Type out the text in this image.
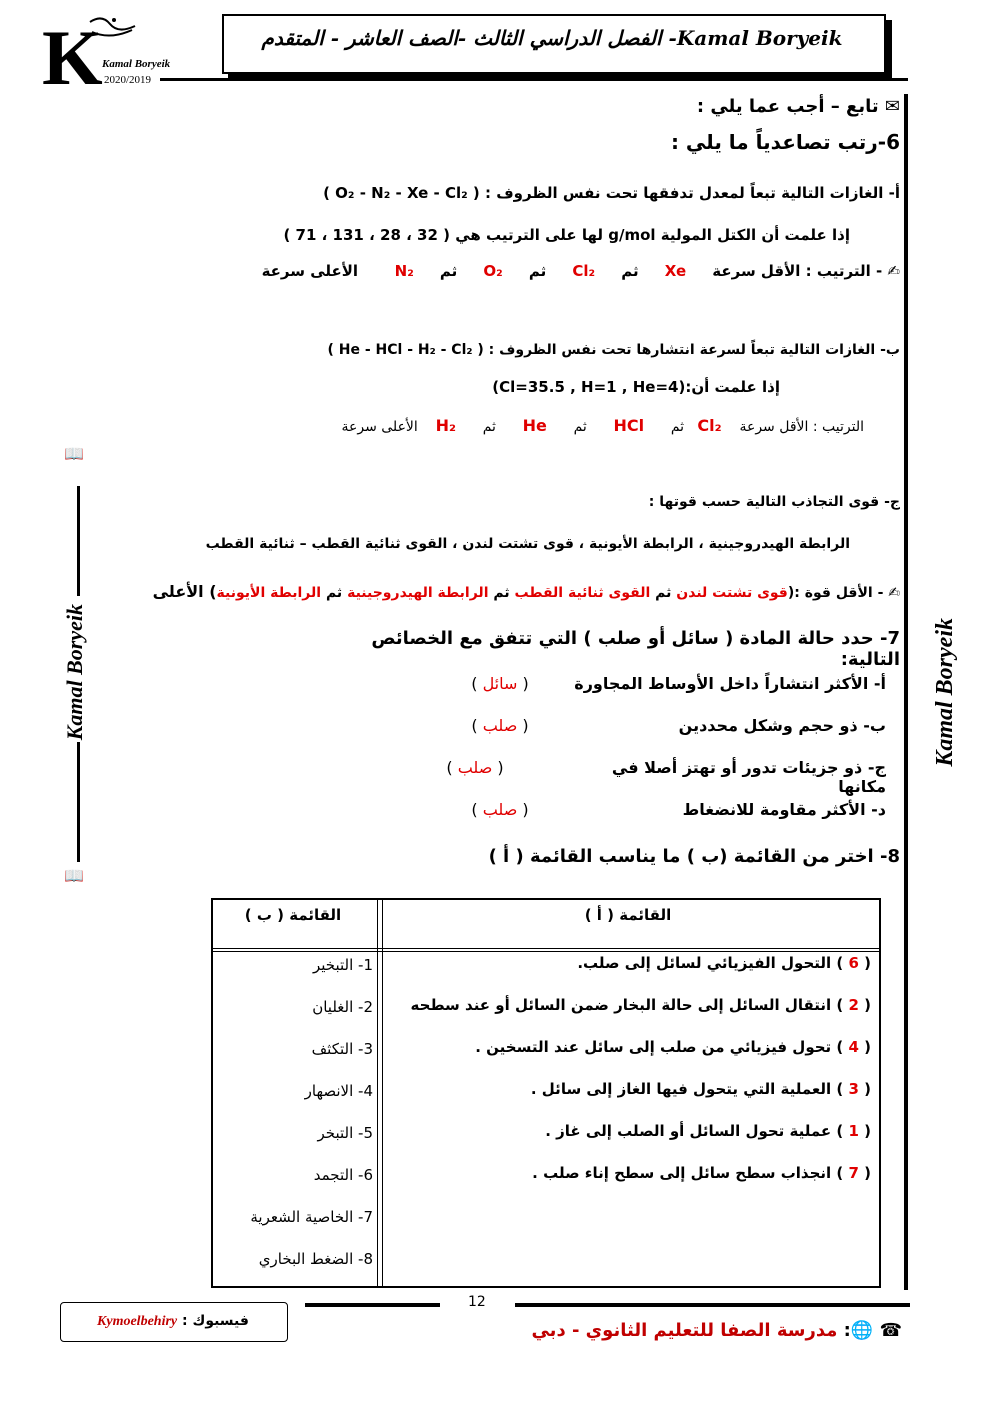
Kamal Boryeik- الفصل الدراسي الثالث -الصف العاشر - المتقدم
K Kamal Boryeik
2020/2019
Kamal Boryeik
📖
Kamal Boryeik
📖
✉ تابع – أجب عما يلي :
6-رتب تصاعدياً ما يلي :
أ- الغازات التالية تبعاً لمعدل تدفقها تحت نفس الظروف : ( O₂ - N₂ - Xe - Cl₂ )
إذا علمت أن الكتل المولية g/mol لها على الترتيب هي ( 32 ، 28 ، 131 ، 71 )
✍ - الترتيب : الأقل سرعة     Xe     ثم     Cl₂     ثم     O₂     ثم     N₂       الأعلى سرعة
ب- الغازات التالية تبعاً لسرعة انتشارها تحت نفس الظروف : ( He - HCl - H₂ - Cl₂ )
إذا علمت أن:(Cl=35.5 , H=1 , He=4)
الترتيب : الأقل سرعة    Cl₂   ثم      HCl      ثم      He      ثم      H₂    الأعلى سرعة
ج- قوى التجاذب التالية حسب قوتها :
الرابطة الهيدروجينية ، الرابطة الأيونية ، قوى تشتت لندن ، القوى ثنائية القطب – ثنائية القطب
✍ - الأقل قوة :(قوى تشتت لندن ثم القوى ثنائية القطب ثم الرابطة الهيدروجينية ثم الرابطة الأيونية) الأعلى
7- حدد حالة المادة ( سائل أو صلب ) التي تتفق مع الخصائص التالية:
أ- الأكثر انتشاراً داخل الأوساط المجاورة
( سائل )
ب- ذو حجم وشكل محددين
( صلب )
ج- ذو جزيئات تدور أو تهتز أصلا في مكانها
( صلب )
د- الأكثر مقاومة للانضغاط
( صلب )
8- اختر من القائمة (ب ) ما يناسب القائمة ( أ )
القائمة ( أ )
القائمة ( ب )
( 6 ) التحول الفيزيائي لسائل إلى صلب.
( 2 ) انتقال السائل إلى حالة البخار ضمن السائل أو عند سطحه
( 4 ) تحول فيزيائي من صلب إلى سائل عند التسخين .
( 3 ) العملية التي يتحول فيها الغاز إلى سائل .
( 1 ) عملية تحول السائل أو الصلب إلى غاز .
( 7 ) انجذاب سطح سائل إلى سطح إناء صلب .
1- التبخير
2- الغليان
3- التكثف
4- الانصهار
5- التبخر
6- التجمد
7- الخاصية الشعرية
8- الضغط البخاري
12
فيسبوك : Kymoelbehiry	☎ 🌐: مدرسة الصفا للتعليم الثانوي - دبي
